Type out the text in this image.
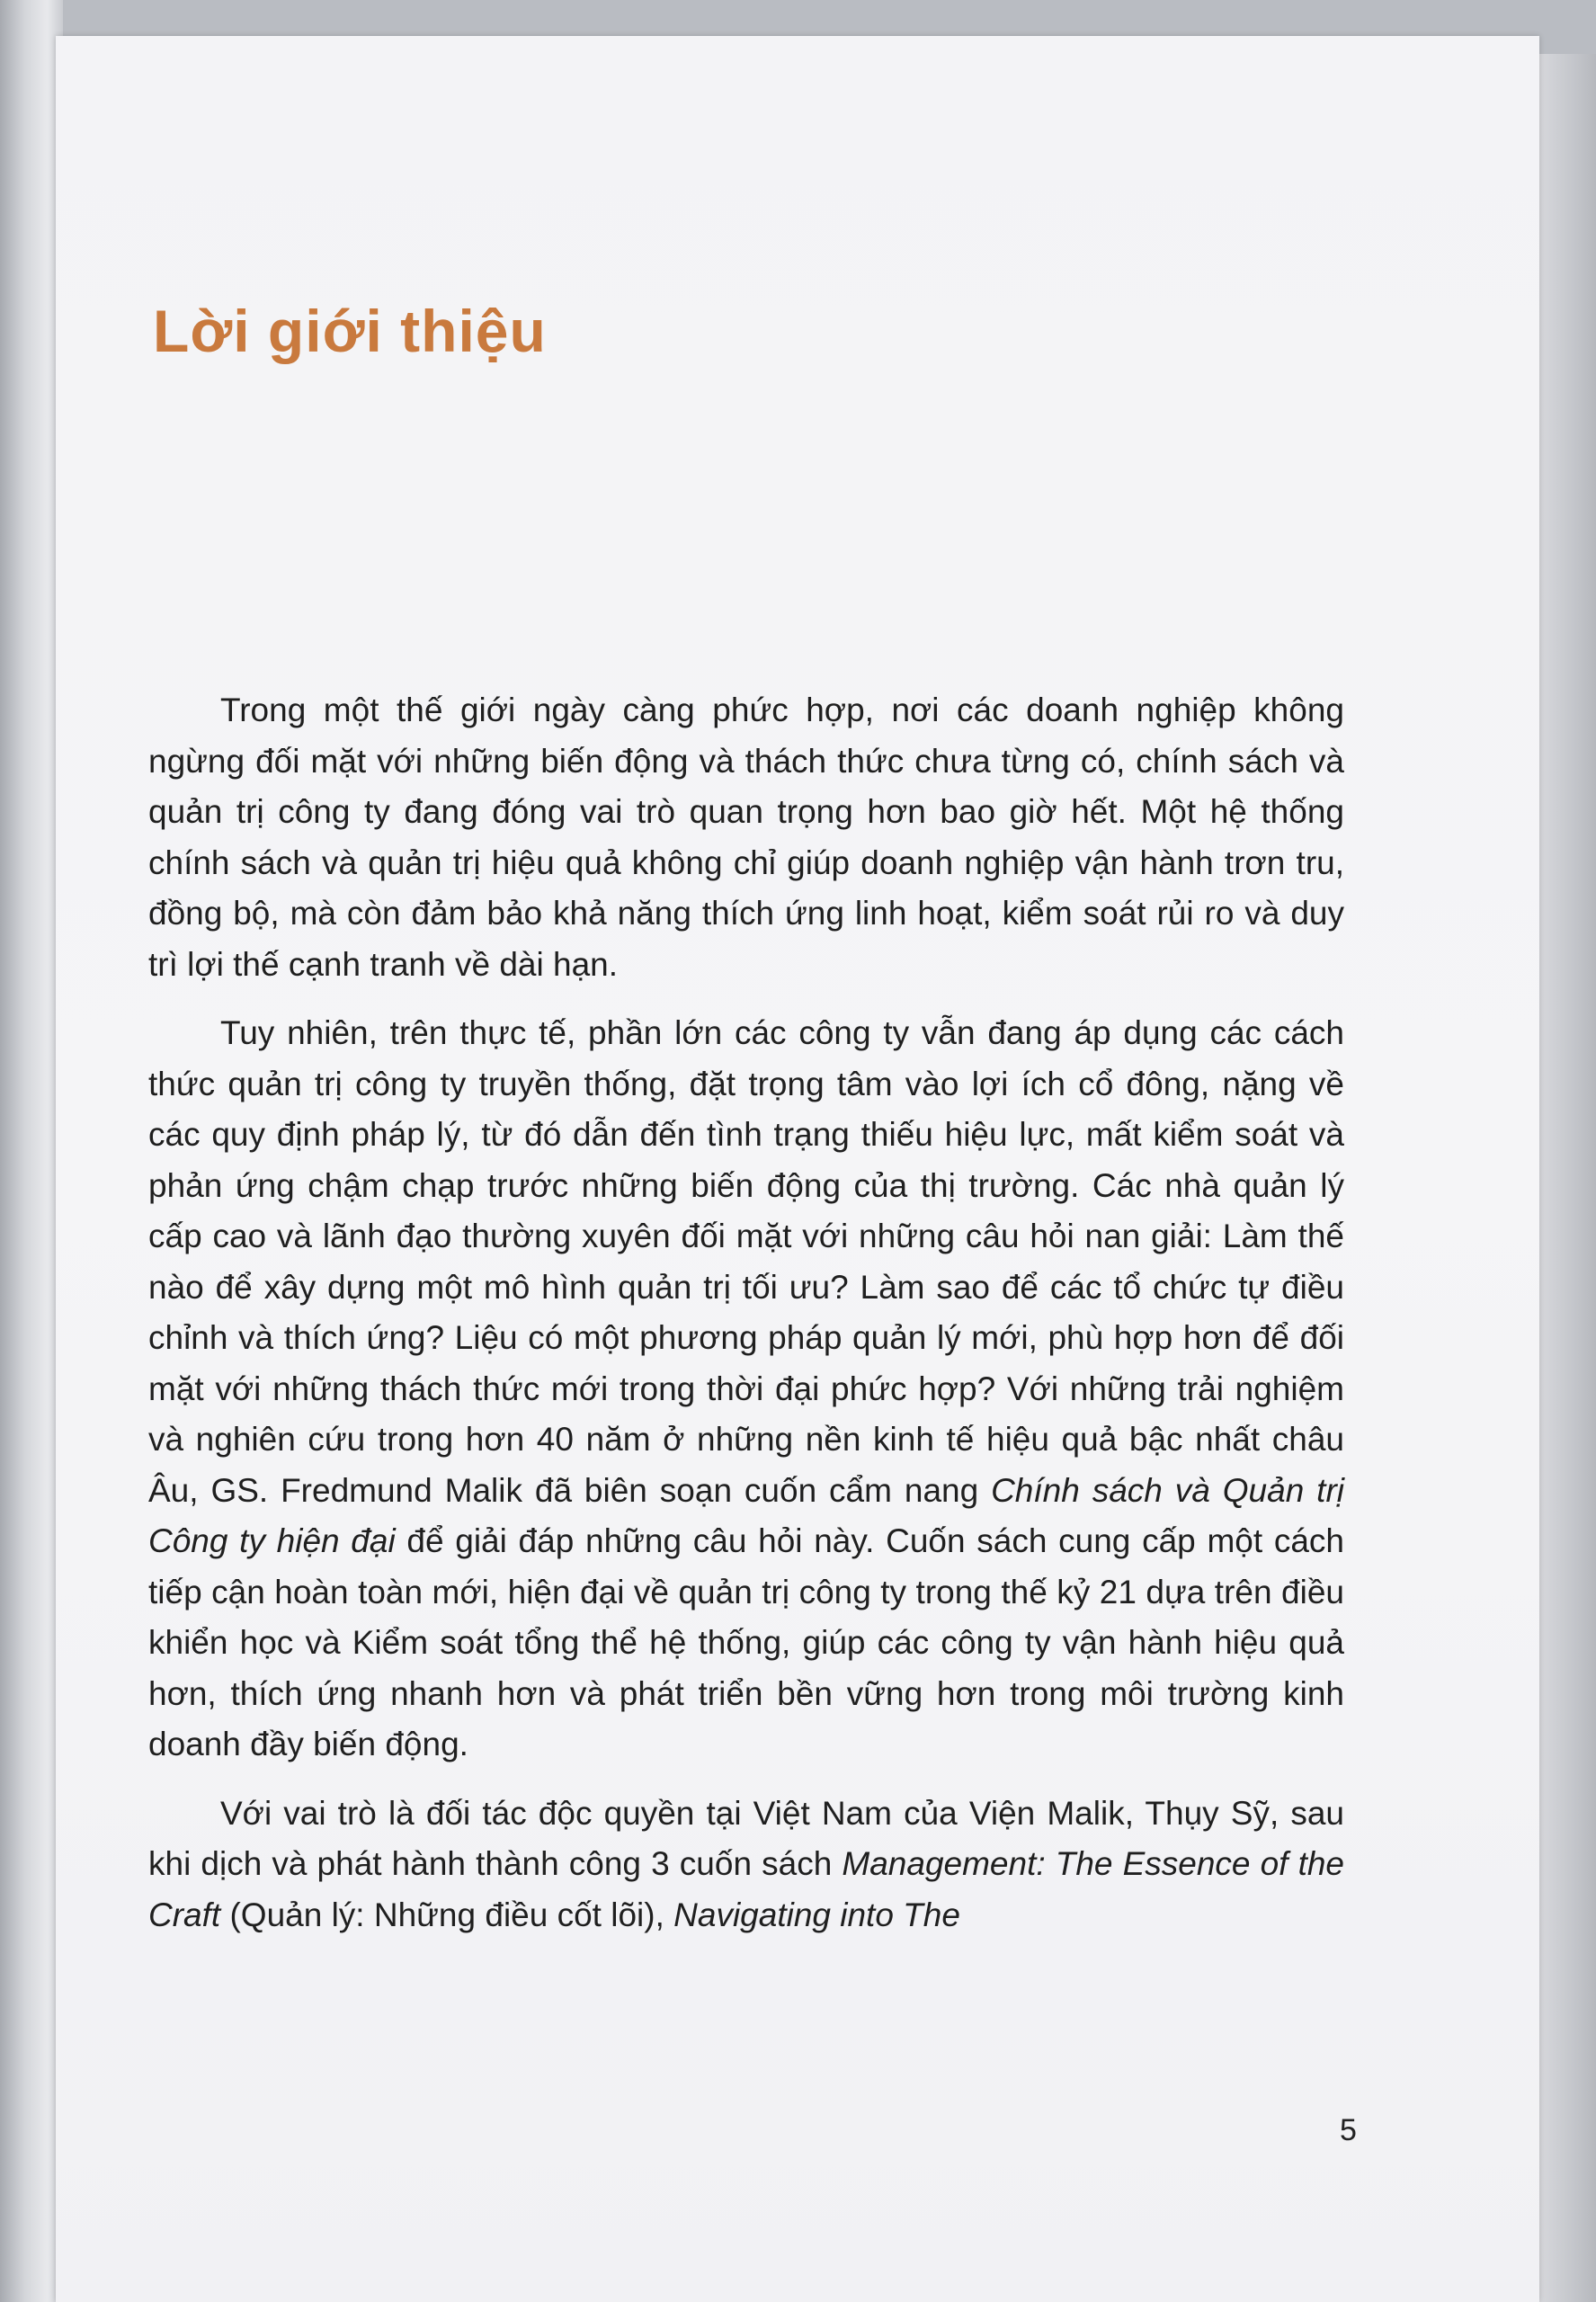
Lời giới thiệu

Trong một thế giới ngày càng phức hợp, nơi các doanh nghiệp không ngừng đối mặt với những biến động và thách thức chưa từng có, chính sách và quản trị công ty đang đóng vai trò quan trọng hơn bao giờ hết. Một hệ thống chính sách và quản trị hiệu quả không chỉ giúp doanh nghiệp vận hành trơn tru, đồng bộ, mà còn đảm bảo khả năng thích ứng linh hoạt, kiểm soát rủi ro và duy trì lợi thế cạnh tranh về dài hạn.

Tuy nhiên, trên thực tế, phần lớn các công ty vẫn đang áp dụng các cách thức quản trị công ty truyền thống, đặt trọng tâm vào lợi ích cổ đông, nặng về các quy định pháp lý, từ đó dẫn đến tình trạng thiếu hiệu lực, mất kiểm soát và phản ứng chậm chạp trước những biến động của thị trường. Các nhà quản lý cấp cao và lãnh đạo thường xuyên đối mặt với những câu hỏi nan giải: Làm thế nào để xây dựng một mô hình quản trị tối ưu? Làm sao để các tổ chức tự điều chỉnh và thích ứng? Liệu có một phương pháp quản lý mới, phù hợp hơn để đối mặt với những thách thức mới trong thời đại phức hợp? Với những trải nghiệm và nghiên cứu trong hơn 40 năm ở những nền kinh tế hiệu quả bậc nhất châu Âu, GS. Fredmund Malik đã biên soạn cuốn cẩm nang Chính sách và Quản trị Công ty hiện đại để giải đáp những câu hỏi này. Cuốn sách cung cấp một cách tiếp cận hoàn toàn mới, hiện đại về quản trị công ty trong thế kỷ 21 dựa trên điều khiển học và Kiểm soát tổng thể hệ thống, giúp các công ty vận hành hiệu quả hơn, thích ứng nhanh hơn và phát triển bền vững hơn trong môi trường kinh doanh đầy biến động.

Với vai trò là đối tác độc quyền tại Việt Nam của Viện Malik, Thụy Sỹ, sau khi dịch và phát hành thành công 3 cuốn sách Management: The Essence of the Craft (Quản lý: Những điều cốt lõi), Navigating into The

5
